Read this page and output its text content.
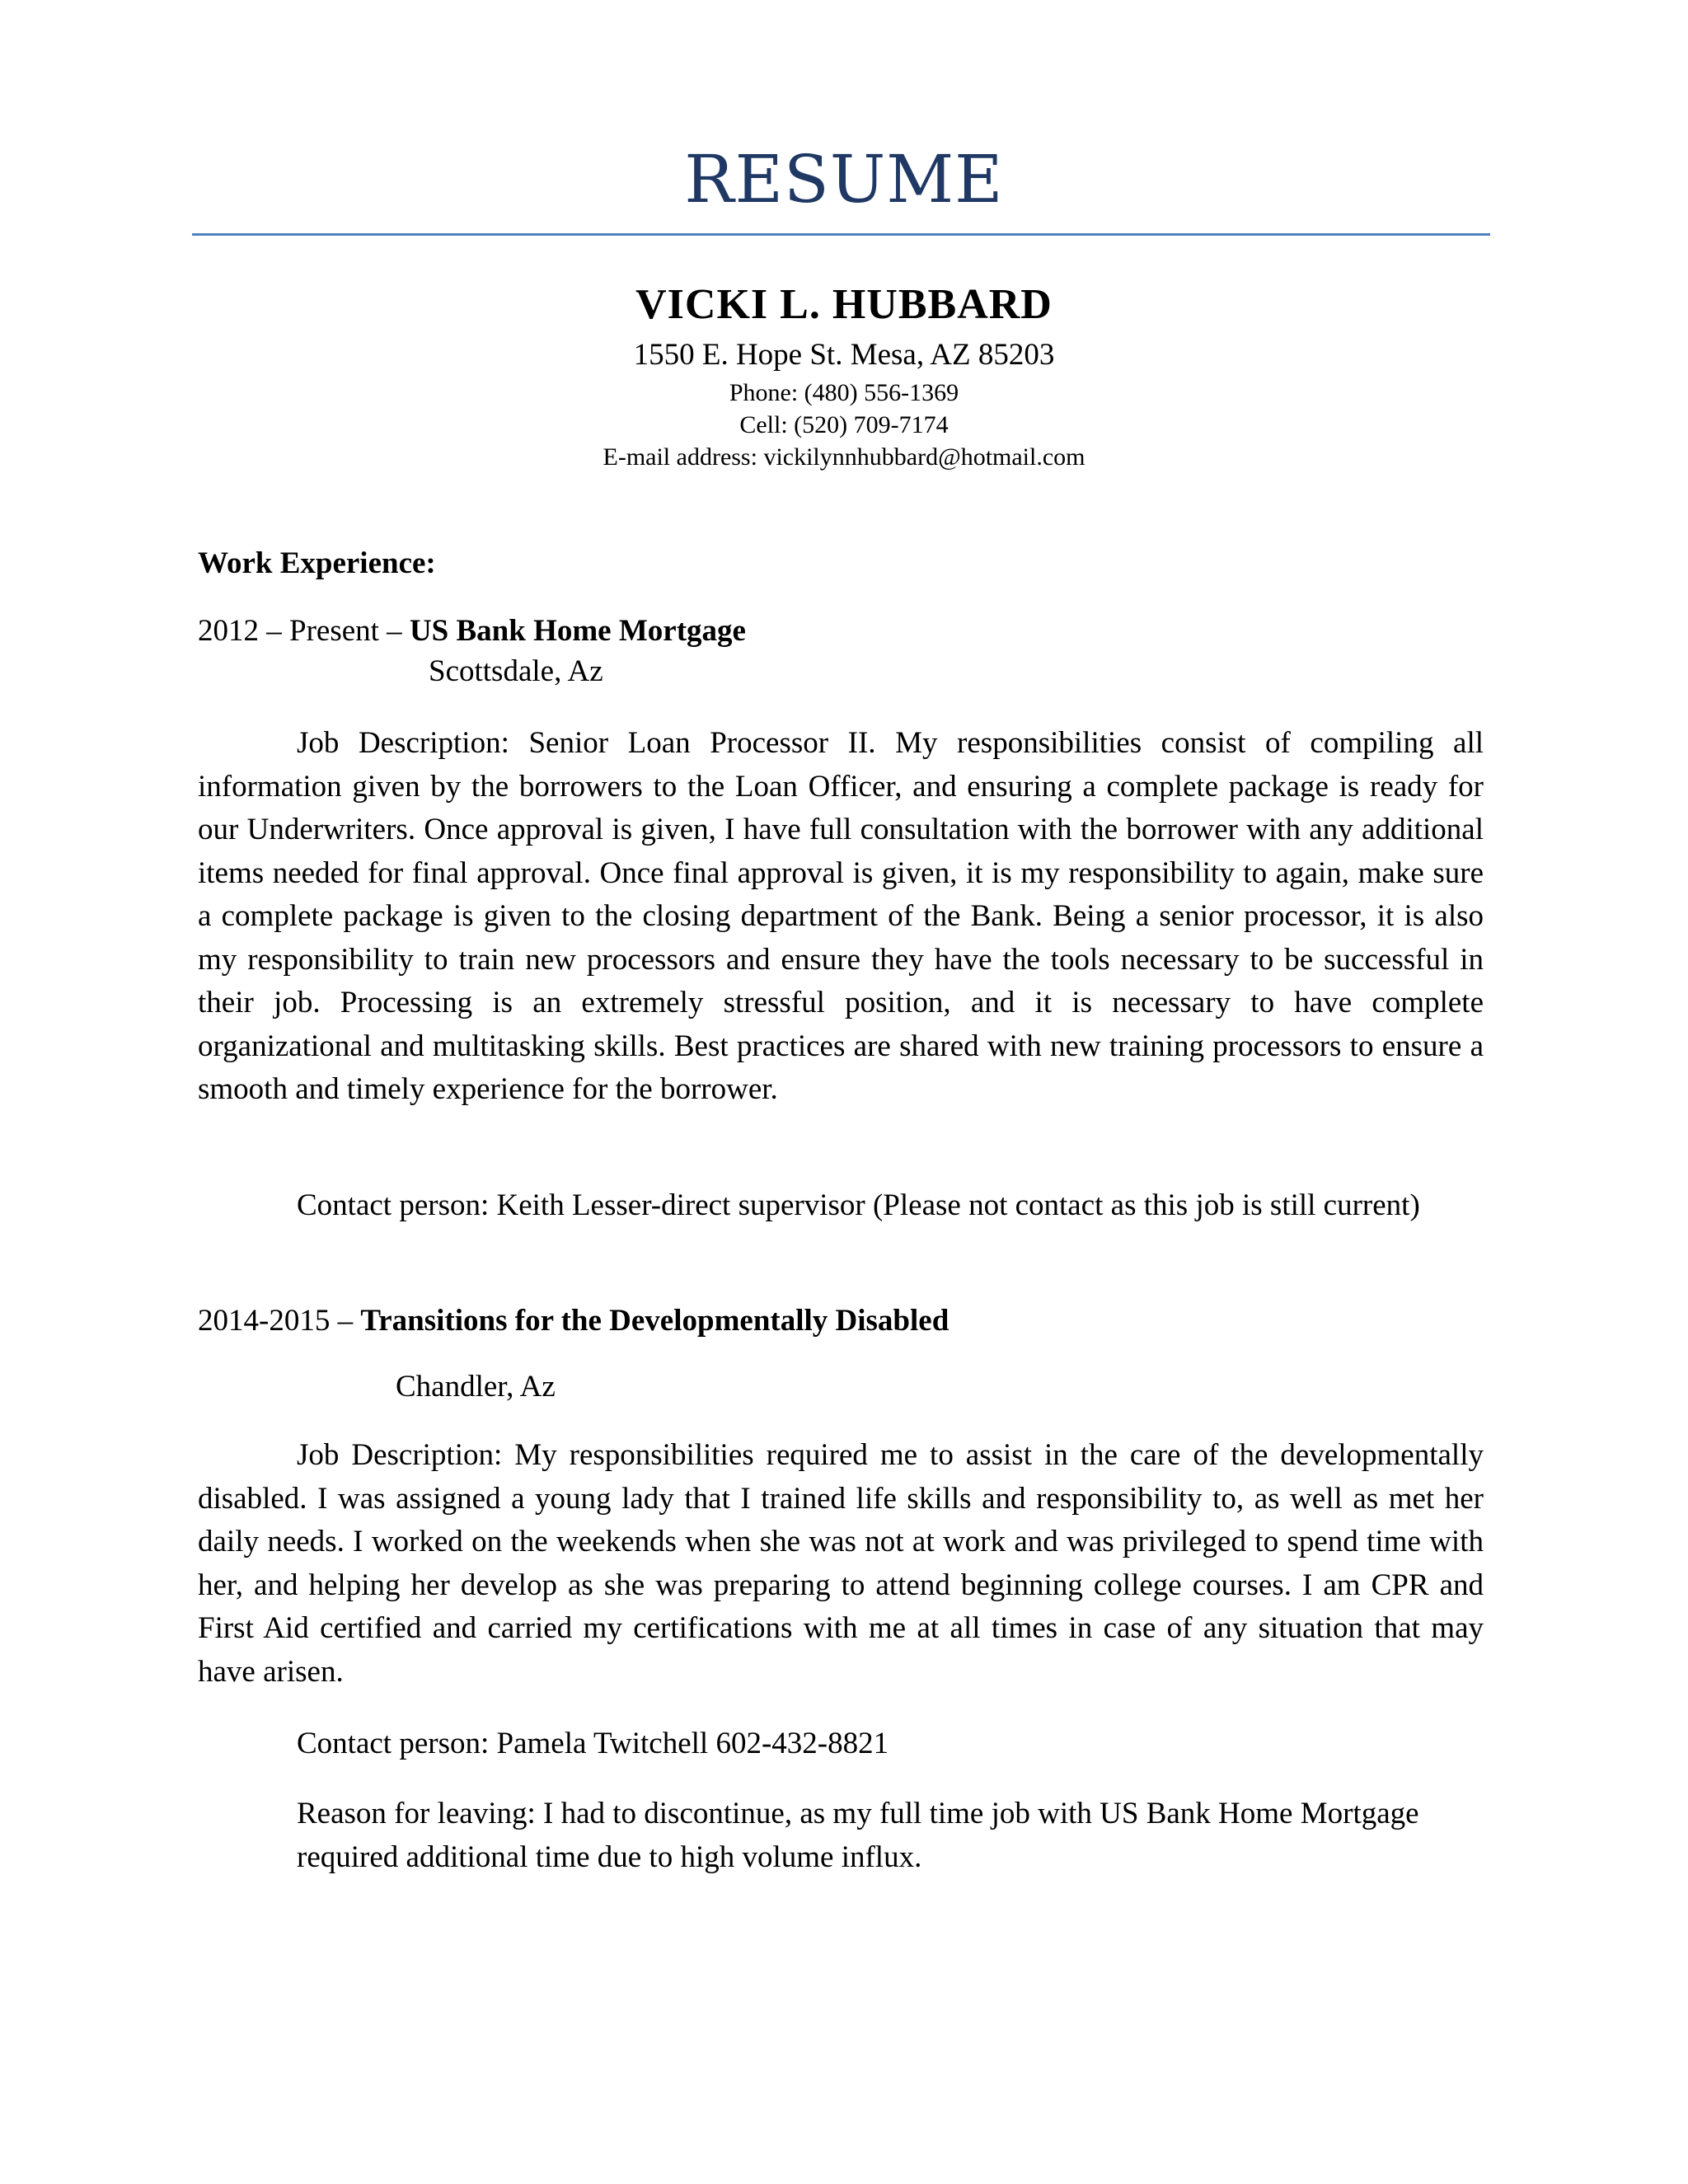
RESUME
VICKI L. HUBBARD
1550 E. Hope St. Mesa, AZ 85203
Phone: (480) 556-1369
Cell: (520) 709-7174
E-mail address: vickilynnhubbard@hotmail.com
Work Experience:
2012 – Present – US Bank Home Mortgage
Scottsdale, Az
Job Description: Senior Loan Processor II. My responsibilities consist of compiling all information given by the borrowers to the Loan Officer, and ensuring a complete package is ready for our Underwriters. Once approval is given, I have full consultation with the borrower with any additional items needed for final approval. Once final approval is given, it is my responsibility to again, make sure a complete package is given to the closing department of the Bank. Being a senior processor, it is also my responsibility to train new processors and ensure they have the tools necessary to be successful in their job. Processing is an extremely stressful position, and it is necessary to have complete organizational and multitasking skills. Best practices are shared with new training processors to ensure a smooth and timely experience for the borrower.
Contact person: Keith Lesser-direct supervisor (Please not contact as this job is still current)
2014-2015 – Transitions for the Developmentally Disabled
Chandler, Az
Job Description: My responsibilities required me to assist in the care of the developmentally disabled. I was assigned a young lady that I trained life skills and responsibility to, as well as met her daily needs. I worked on the weekends when she was not at work and was privileged to spend time with her, and helping her develop as she was preparing to attend beginning college courses. I am CPR and First Aid certified and carried my certifications with me at all times in case of any situation that may have arisen.
Contact person: Pamela Twitchell 602-432-8821
Reason for leaving: I had to discontinue, as my full time job with US Bank Home Mortgage required additional time due to high volume influx.
